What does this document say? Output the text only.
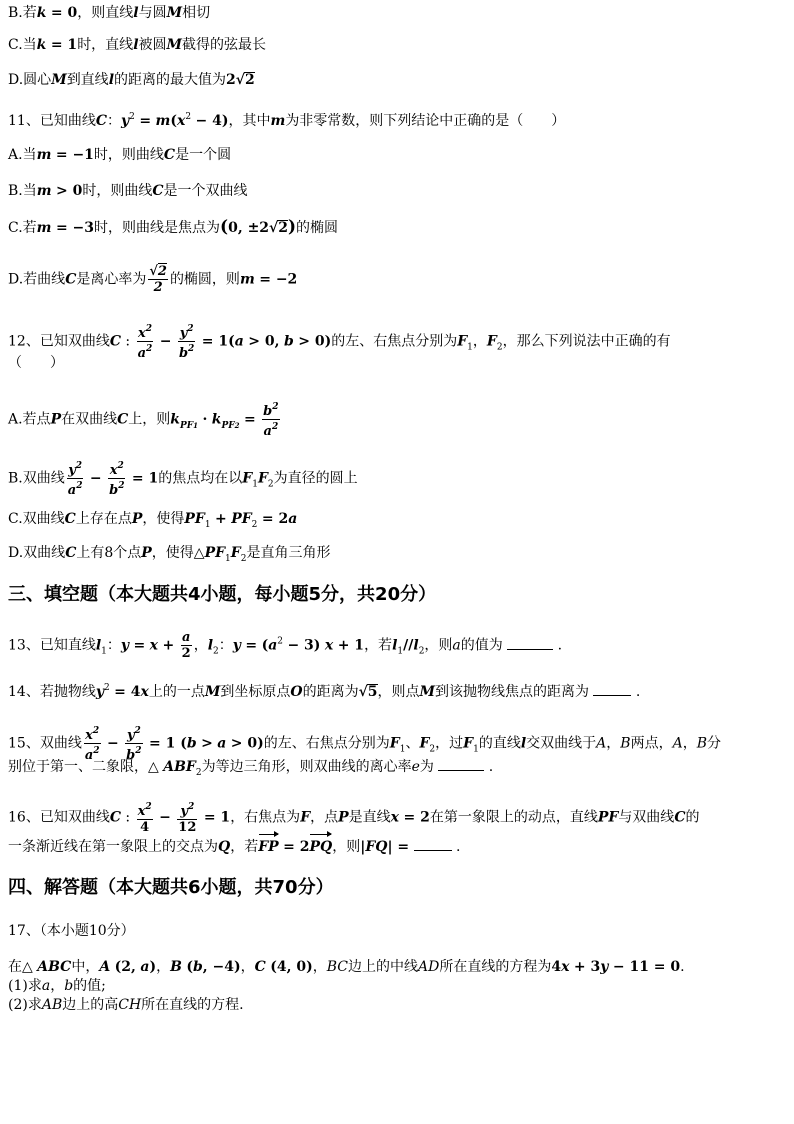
B.若k = 0，则直线l与圆M相切
C.当k = 1时，直线l被圆M截得的弦最长
D.圆心M到直线l的距离的最大值为2√2
11、已知曲线C：$y^2 = m(x^2 - 4)$，其中m为非零常数，则下列结论中正确的是（　　）
A.当m = −1时，则曲线C是一个圆
B.当m > 0时，则曲线C是一个双曲线
C.若m = −3时，则曲线是焦点为(0, ±2√2)的椭圆
D.若曲线C是离心率为 $\frac{√2}{2}$ 的椭圆，则m = −2
12、已知双曲线C : $\frac{x^2}{a^2} - \frac{y^2}{b^2} = 1(a > 0$, b > 0)的左、右焦点分别为$F_1$，$F_2$，那么下列说法中正确的有
（　　）
A.若点P在双曲线C上，则$k_{PF1} \cdot k_{PF2} = \frac{b^2}{a^2}$
B.双曲线 $\frac{y^2}{a^2} - \frac{x^2}{b^2} = 1$的焦点均在以$F_1F_2$为直径的圆上
C.双曲线C上存在点P，使得$PF_1 + PF_2 = 2a$
D.双曲线C上有8个点P，使得$\triangle PF_1F_2$是直角三角形
三、填空题（本大题共4小题，每小题5分，共20分）
13、已知直线$l_1$：$y = x + \frac{a}{2}$ ，$l_2$：$y = (a^2 - 3) x + 1$，若$l_1//l_2$，则a的值为	.
14、若抛物线$y^2 = 4x$上的一点M到坐标原点O的距离为√5，则点M到该抛物线焦点的距离为	.
15、双曲线 $\frac{x^2}{a^2} - \frac{y^2}{b^2} = 1$ (b > a > 0)的左、右焦点分别为$F_1$、$F_2$，过$F_1$的直线l交双曲线于A，B两点，A，B分
别位于第一、二象限，△ $ABF_2$为等边三角形，则双曲线的离心率e为	.
16、已知双曲线C : $\frac{x^2}{4} - \frac{y^2}{12} = 1$，右焦点为F，点P是直线x = 2在第一象限上的动点，直线PF与双曲线C的
一条渐近线在第一象限上的交点为Q，若FP = 2PQ，则|FQ| =	.
四、解答题（本大题共6小题，共70分）
17、（本小题10分）
在△ ABC中，A (2, a)，B (b, −4)，C (4, 0)，BC边上的中线AD所在直线的方程为4x + 3y − 11 = 0.
(1)求a，b的值;
(2)求AB边上的高CH所在直线的方程.
